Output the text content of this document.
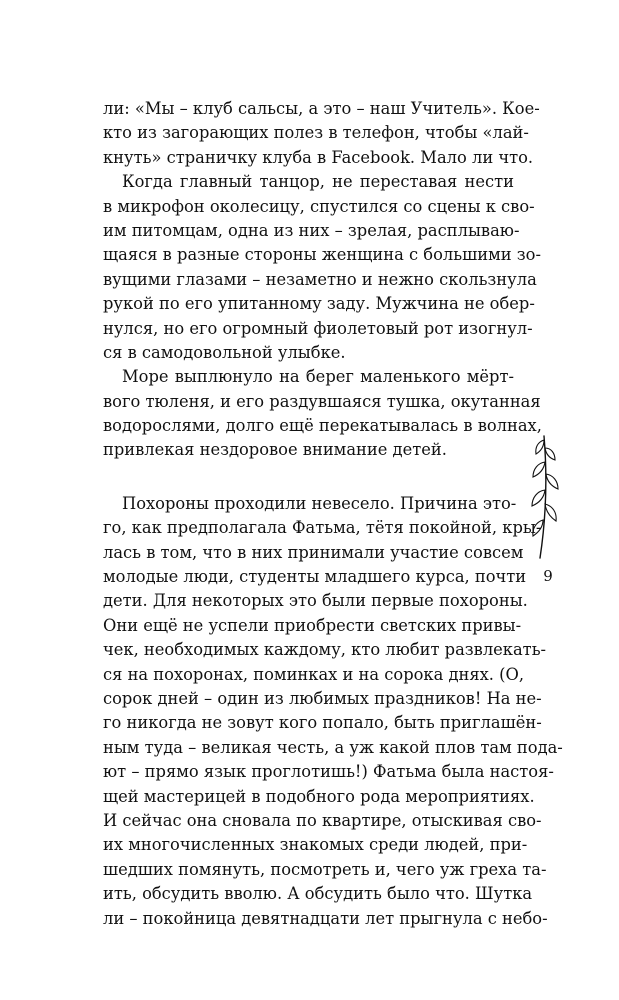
ли: «Мы – клуб сальсы, а это – наш Учитель». Кое-
кто из загорающих полез в телефон, чтобы «лай-
кнуть» страничку клуба в Facebook. Мало ли что.
Когда главный танцор, не переставая нести
в микрофон околесицу, спустился со сцены к сво-
им питомцам, одна из них – зрелая, расплываю-
щаяся в разные стороны женщина с большими зо-
вущими глазами – незаметно и нежно скользнула
рукой по его упитанному заду. Мужчина не обер-
нулся, но его огромный фиолетовый рот изогнул-
ся в самодовольной улыбке.
Море выплюнуло на берег маленького мёрт-
вого тюленя, и его раздувшаяся тушка, окутанная
водорослями, долго ещё перекатывалась в волнах,
привлекая нездоровое внимание детей.
Похороны проходили невесело. Причина это-
го, как предполагала Фатьма, тётя покойной, кры-
лась в том, что в них принимали участие совсем
молодые люди, студенты младшего курса, почти
дети. Для некоторых это были первые похороны.
Они ещё не успели приобрести светских привы-
чек, необходимых каждому, кто любит развлекать-
ся на похоронах, поминках и на сорока днях. (О,
сорок дней – один из любимых праздников! На не-
го никогда не зовут кого попало, быть приглашён-
ным туда – великая честь, а уж какой плов там пода-
ют – прямо язык проглотишь!) Фатьма была настоя-
щей мастерицей в подобного рода мероприятиях.
И сейчас она сновала по квартире, отыскивая сво-
их многочисленных знакомых среди людей, при-
шедших помянуть, посмотреть и, чего уж греха та-
ить, обсудить вволю. А обсудить было что. Шутка
ли – покойница девятнадцати лет прыгнула с небо-
9
